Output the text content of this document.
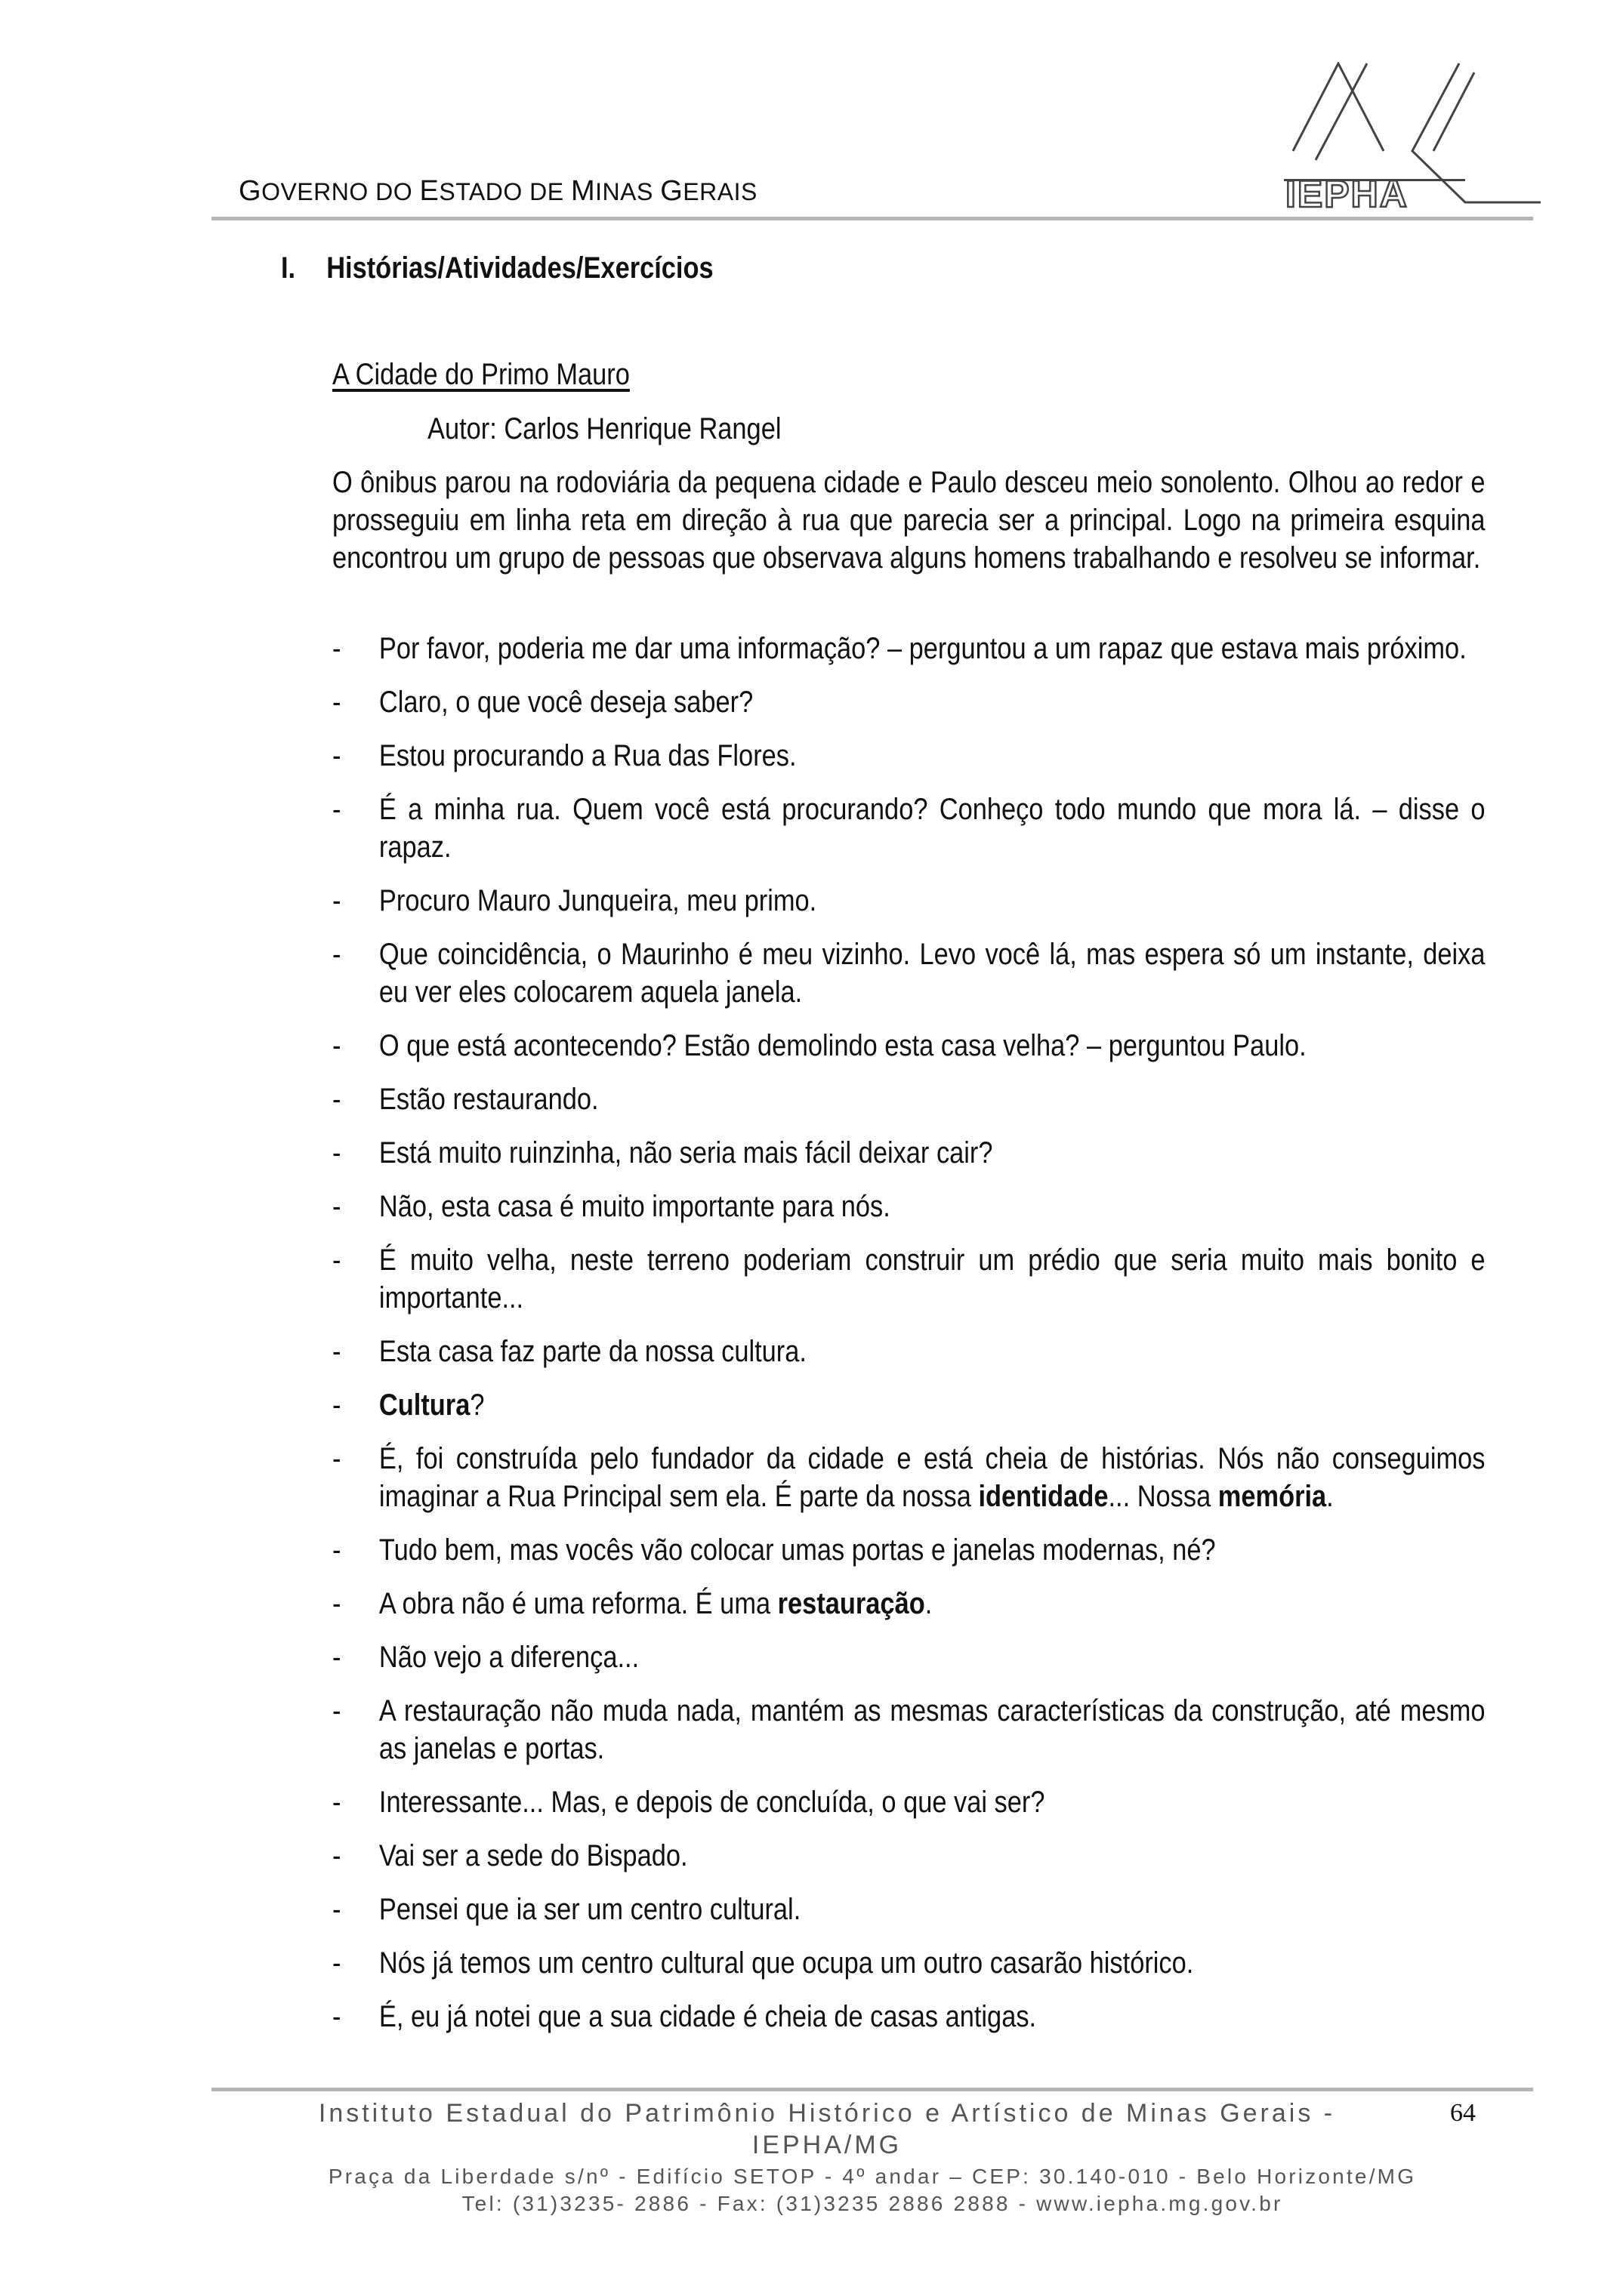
GOVERNO DO ESTADO DE MINAS GERAIS	IEPHA
I. Histórias/Atividades/Exercícios
A Cidade do Primo Mauro
Autor: Carlos Henrique Rangel
O ônibus parou na rodoviária da pequena cidade e Paulo desceu meio sonolento. Olhou ao redor e prosseguiu em linha reta em direção à rua que parecia ser a principal. Logo na primeira esquina encontrou um grupo de pessoas que observava alguns homens trabalhando e resolveu se informar.
-	Por favor, poderia me dar uma informação? – perguntou a um rapaz que estava mais próximo.
-	Claro, o que você deseja saber?
-	Estou procurando a Rua das Flores.
-	É a minha rua. Quem você está procurando? Conheço todo mundo que mora lá. – disse o rapaz.
-	Procuro Mauro Junqueira, meu primo.
-	Que coincidência, o Maurinho é meu vizinho. Levo você lá, mas espera só um instante, deixa eu ver eles colocarem aquela janela.
-	O que está acontecendo? Estão demolindo esta casa velha? – perguntou Paulo.
-	Estão restaurando.
-	Está muito ruinzinha, não seria mais fácil deixar cair?
-	Não, esta casa é muito importante para nós.
-	É muito velha, neste terreno poderiam construir um prédio que seria muito mais bonito e importante...
-	Esta casa faz parte da nossa cultura.
-	Cultura?
-	É, foi construída pelo fundador da cidade e está cheia de histórias. Nós não conseguimos imaginar a Rua Principal sem ela. É parte da nossa identidade... Nossa memória.
-	Tudo bem, mas vocês vão colocar umas portas e janelas modernas, né?
-	A obra não é uma reforma. É uma restauração.
-	Não vejo a diferença...
-	A restauração não muda nada, mantém as mesmas características da construção, até mesmo as janelas e portas.
-	Interessante... Mas, e depois de concluída, o que vai ser?
-	Vai ser a sede do Bispado.
-	Pensei que ia ser um centro cultural.
-	Nós já temos um centro cultural que ocupa um outro casarão histórico.
-	É, eu já notei que a sua cidade é cheia de casas antigas.
Instituto Estadual do Patrimônio Histórico e Artístico de Minas Gerais - IEPHA/MG
64
Praça da Liberdade s/nº - Edifício SETOP - 4º andar – CEP: 30.140-010 - Belo Horizonte/MG
Tel: (31)3235- 2886 - Fax: (31)3235 2886 2888 - www.iepha.mg.gov.br
